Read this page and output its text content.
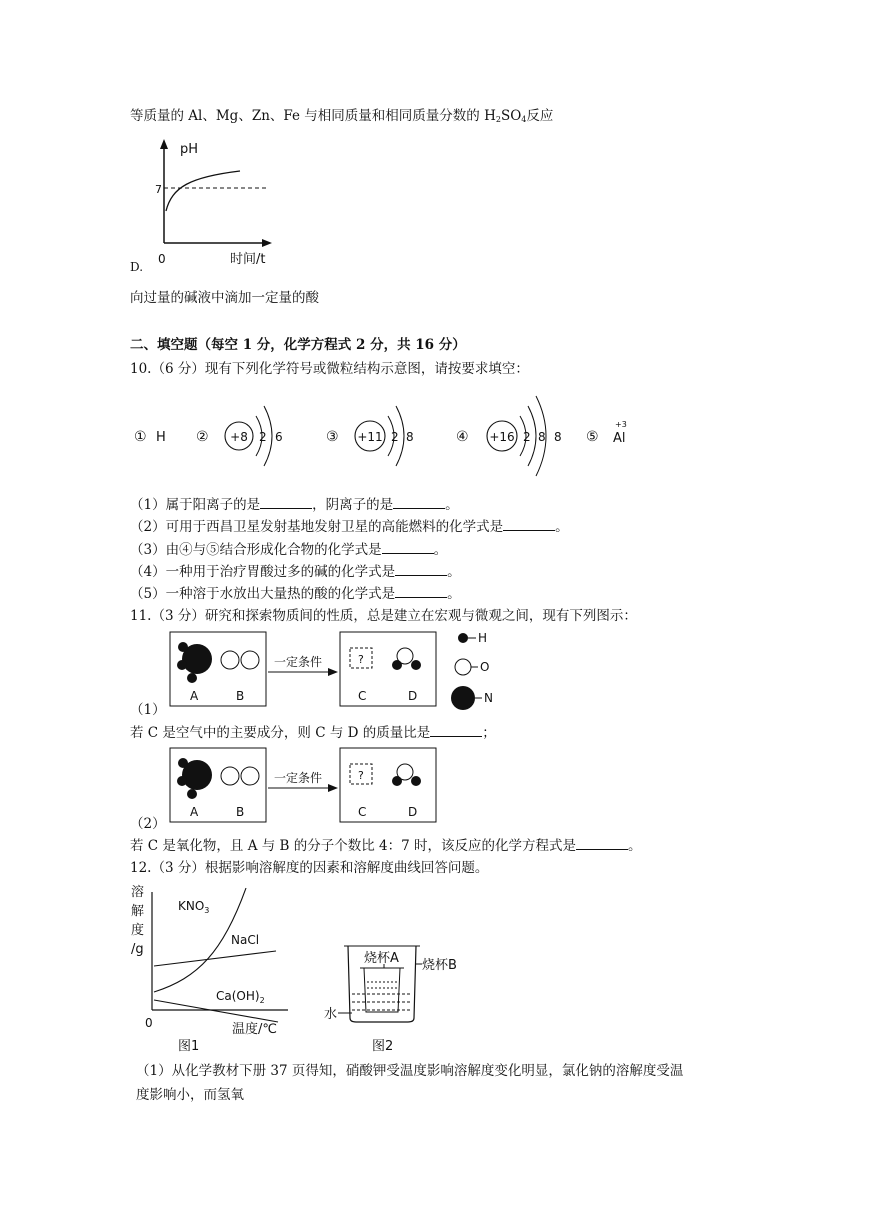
等质量的 Al、Mg、Zn、Fe 与相同质量和相同质量分数的 $H_2SO_4$反应
D.
pH
7
0	时间/t
向过量的碱液中滴加一定量的酸
二、填空题（每空 1 分，化学方程式 2 分，共 16 分）
10.（6 分）现有下列化学符号或微粒结构示意图，请按要求填空：
① H ② +8 2 6	③ +11 2 8	④ +16 2 8 8 ⑤
+3
Al
（1）属于阳离子的是	，阴离子的是	。
（2）可用于西昌卫星发射基地发射卫星的高能燃料的化学式是	。
（3）由④与⑤结合形成化合物的化学式是	。
（4）一种用于治疗胃酸过多的碱的化学式是	。
（5）一种溶于水放出大量热的酸的化学式是	。
11.（3 分）研究和探索物质间的性质，总是建立在宏观与微观之间，现有下列图示：
A	B
一定条件	?
C	D
H
O
N
（1）
若 C 是空气中的主要成分，则 C 与 D 的质量比是	；
A	B
一定条件	?
C	D
（2）
若 C 是氧化物，且 A 与 B 的分子个数比 4：7 时，该反应的化学方程式是	。
12.（3 分）根据影响溶解度的因素和溶解度曲线回答问题。
溶
解
度
/g
$KNO_3$
NaCl
$Ca(OH)_2$
0	温度/℃
图1
烧杯A 烧杯B
水
图2
（1）从化学教材下册 37 页得知，硝酸钾受温度影响溶解度变化明显，氯化钠的溶解度受温
度影响小，而氢氧
